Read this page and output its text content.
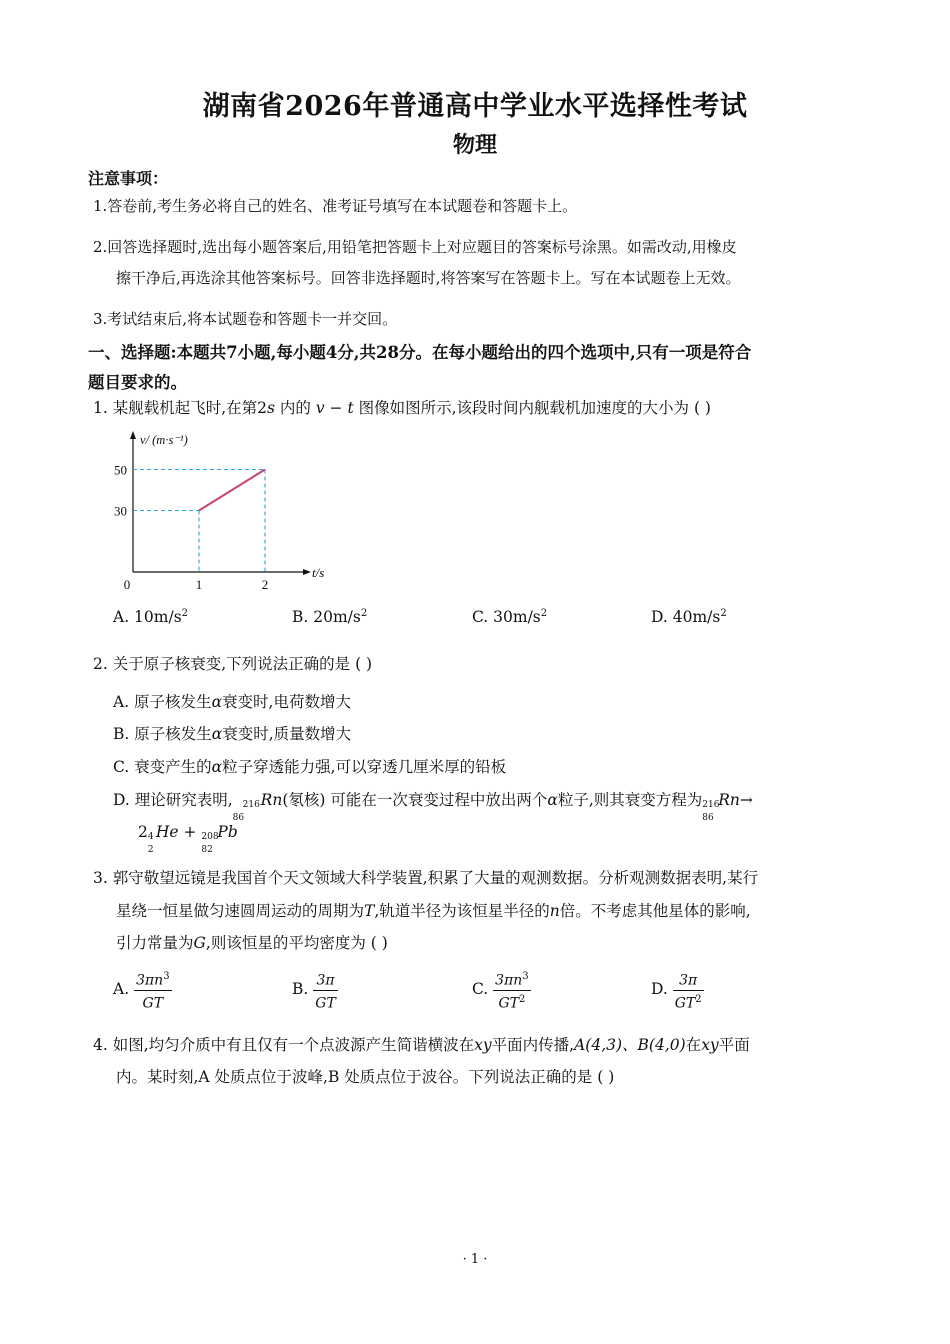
湖南省2026年普通高中学业水平选择性考试
物理
注意事项：
1.答卷前,考生务必将自己的姓名、准考证号填写在本试题卷和答题卡上。
2.回答选择题时,选出每小题答案后,用铅笔把答题卡上对应题目的答案标号涂黑。如需改动,用橡皮
擦干净后,再选涂其他答案标号。回答非选择题时,将答案写在答题卡上。写在本试题卷上无效。
3.考试结束后,将本试题卷和答题卡一并交回。
一、选择题:本题共7小题,每小题4分,共28分。在每小题给出的四个选项中,只有一项是符合
题目要求的。
1. 某舰载机起飞时,在第2s 内的 v − t 图像如图所示,该段时间内舰载机加速度的大小为 ( )
0	1	2
30
50
v/ (m·s⁻¹)
t/s
A. $10m/s^2$	B. $20m/s^2$	C. $30m/s^2$	D. $40m/s^2$
2. 关于原子核衰变,下列说法正确的是 ( )
A. 原子核发生α衰变时,电荷数增大
B. 原子核发生α衰变时,质量数增大
C. 衰变产生的α粒子穿透能力强,可以穿透几厘米厚的铅板
D. 理论研究表明,
86
216 Rn(氡核) 可能在一次衰变过程中放出两个α粒子,则其衰变方程为 216
86
Rn→
2 4
2
He + 208
82
Pb
3. 郭守敬望远镜是我国首个天文领域大科学装置,积累了大量的观测数据。分析观测数据表明,某行
星绕一恒星做匀速圆周运动的周期为T,轨道半径为该恒星半径的n倍。不考虑其他星体的影响,
引力常量为G,则该恒星的平均密度为 ( )
A. $\frac{3\pi n^3}{GT}$	B. $\frac{3\pi}{GT}$	C. $\frac{3\pi n^3}{GT^2}$	D. $\frac{3\pi}{GT^2}$
4. 如图,均匀介质中有且仅有一个点波源产生简谐横波在xy平面内传播,A(4,3)、B(4,0)在xy平面
内。某时刻,A 处质点位于波峰,B 处质点位于波谷。下列说法正确的是 ( )
· 1 ·
